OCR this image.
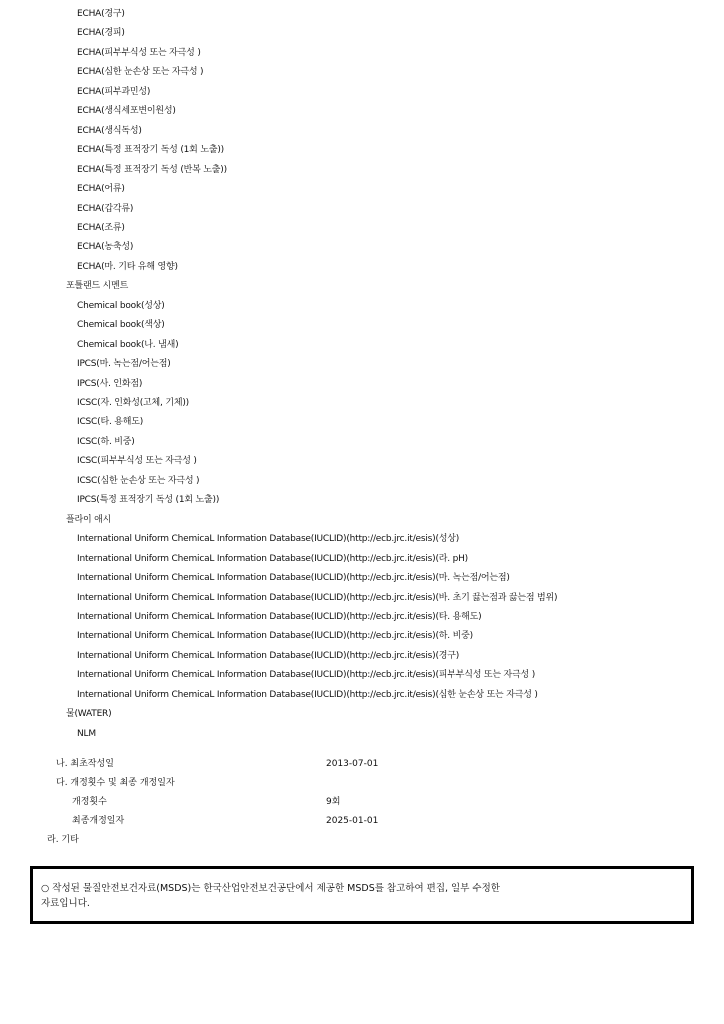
ECHA(경구)
ECHA(경피)
ECHA(피부부식성 또는 자극성 )
ECHA(심한 눈손상 또는 자극성 )
ECHA(피부과민성)
ECHA(생식세포변이원성)
ECHA(생식독성)
ECHA(특정 표적장기 독성 (1회 노출))
ECHA(특정 표적장기 독성 (반복 노출))
ECHA(어류)
ECHA(갑각류)
ECHA(조류)
ECHA(농축성)
ECHA(마. 기타 유해 영향)
포틀랜드 시멘트
Chemical book(성상)
Chemical book(색상)
Chemical book(나. 냄새)
IPCS(마. 녹는점/어는점)
IPCS(사. 인화점)
ICSC(자. 인화성(고체, 기체))
ICSC(타. 용해도)
ICSC(하. 비중)
ICSC(피부부식성 또는 자극성 )
ICSC(심한 눈손상 또는 자극성 )
IPCS(특정 표적장기 독성 (1회 노출))
플라이 애시
International Uniform ChemicaL Information Database(IUCLID)(http://ecb.jrc.it/esis)(성상)
International Uniform ChemicaL Information Database(IUCLID)(http://ecb.jrc.it/esis)(라. pH)
International Uniform ChemicaL Information Database(IUCLID)(http://ecb.jrc.it/esis)(마. 녹는점/어는점)
International Uniform ChemicaL Information Database(IUCLID)(http://ecb.jrc.it/esis)(바. 초기 끓는점과 끓는점 범위)
International Uniform ChemicaL Information Database(IUCLID)(http://ecb.jrc.it/esis)(타. 용해도)
International Uniform ChemicaL Information Database(IUCLID)(http://ecb.jrc.it/esis)(하. 비중)
International Uniform ChemicaL Information Database(IUCLID)(http://ecb.jrc.it/esis)(경구)
International Uniform ChemicaL Information Database(IUCLID)(http://ecb.jrc.it/esis)(피부부식성 또는 자극성 )
International Uniform ChemicaL Information Database(IUCLID)(http://ecb.jrc.it/esis)(심한 눈손상 또는 자극성 )
물(WATER)
NLM
나. 최초작성일	2013-07-01
다. 개정횟수 및 최종 개정일자
개정횟수	9회
최종개정일자	2025-01-01
라. 기타
○ 작성된 물질안전보건자료(MSDS)는 한국산업안전보건공단에서 제공한 MSDS를 참고하여 편집, 일부 수정한
자료입니다.
